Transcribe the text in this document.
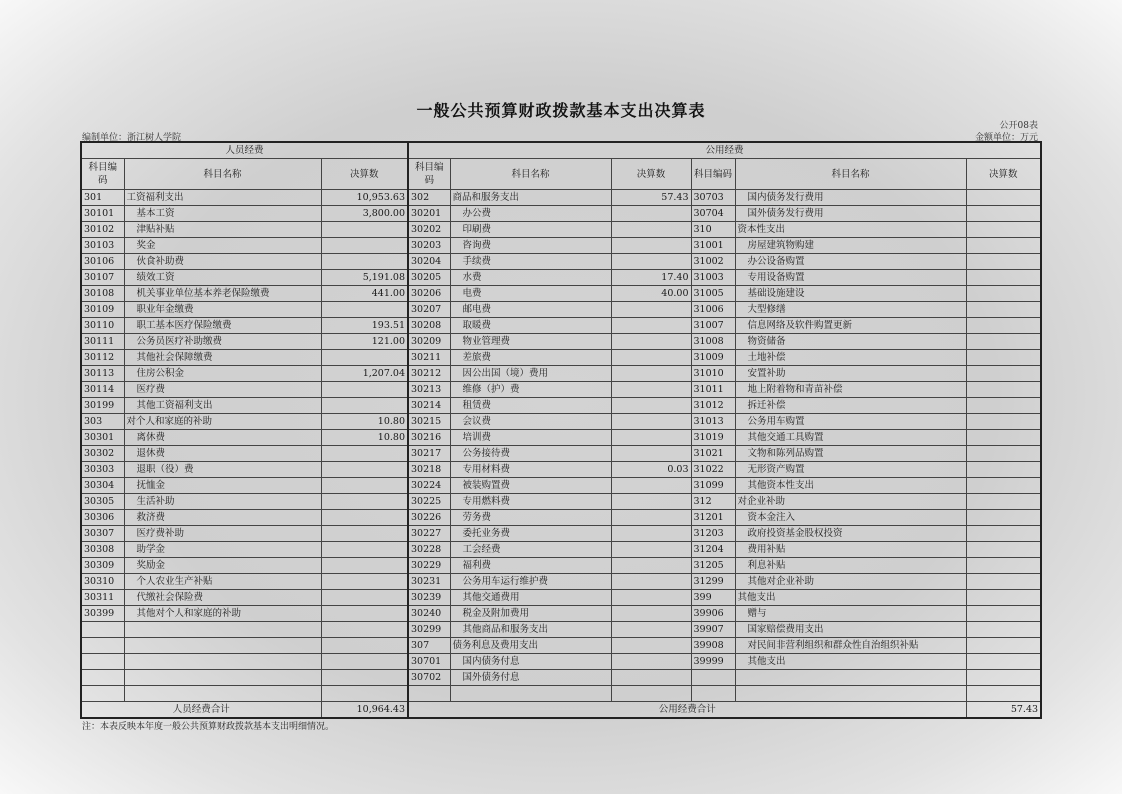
一般公共预算财政拨款基本支出决算表
公开08表
编制单位：浙江树人学院	金额单位：万元
人员经费			公用经费					
科目编码	科目名称	决算数	科目编码	科目名称	决算数	科目编码	科目名称	决算数
301	工资福利支出	10,953.63	302	商品和服务支出	57.43	30703	国内债务发行费用	
30101	基本工资	3,800.00	30201	办公费		30704	国外债务发行费用	
30102	津贴补贴		30202	印刷费		310	资本性支出	
30103	奖金		30203	咨询费		31001	房屋建筑物购建	
30106	伙食补助费		30204	手续费		31002	办公设备购置	
30107	绩效工资	5,191.08	30205	水费	17.40	31003	专用设备购置	
30108	机关事业单位基本养老保险缴费	441.00	30206	电费	40.00	31005	基础设施建设	
30109	职业年金缴费		30207	邮电费		31006	大型修缮	
30110	职工基本医疗保险缴费	193.51	30208	取暖费		31007	信息网络及软件购置更新	
30111	公务员医疗补助缴费	121.00	30209	物业管理费		31008	物资储备	
30112	其他社会保障缴费		30211	差旅费		31009	土地补偿	
30113	住房公积金	1,207.04	30212	因公出国（境）费用		31010	安置补助	
30114	医疗费		30213	维修（护）费		31011	地上附着物和青苗补偿	
30199	其他工资福利支出		30214	租赁费		31012	拆迁补偿	
303	对个人和家庭的补助	10.80	30215	会议费		31013	公务用车购置	
30301	离休费	10.80	30216	培训费		31019	其他交通工具购置	
30302	退休费		30217	公务接待费		31021	文物和陈列品购置	
30303	退职（役）费		30218	专用材料费	0.03	31022	无形资产购置	
30304	抚恤金		30224	被装购置费		31099	其他资本性支出	
30305	生活补助		30225	专用燃料费		312	对企业补助	
30306	救济费		30226	劳务费		31201	资本金注入	
30307	医疗费补助		30227	委托业务费		31203	政府投资基金股权投资	
30308	助学金		30228	工会经费		31204	费用补贴	
30309	奖励金		30229	福利费		31205	利息补贴	
30310	个人农业生产补贴		30231	公务用车运行维护费		31299	其他对企业补助	
30311	代缴社会保险费		30239	其他交通费用		399	其他支出	
30399	其他对个人和家庭的补助		30240	税金及附加费用		39906	赠与	
			30299	其他商品和服务支出		39907	国家赔偿费用支出	
			307	债务利息及费用支出		39908	对民间非营利组织和群众性自治组织补贴	
			30701	国内债务付息		39999	其他支出	
			30702	国外债务付息				

人员经费合计		10,964.43	公用经费合计					57.43
注：本表反映本年度一般公共预算财政拨款基本支出明细情况。
